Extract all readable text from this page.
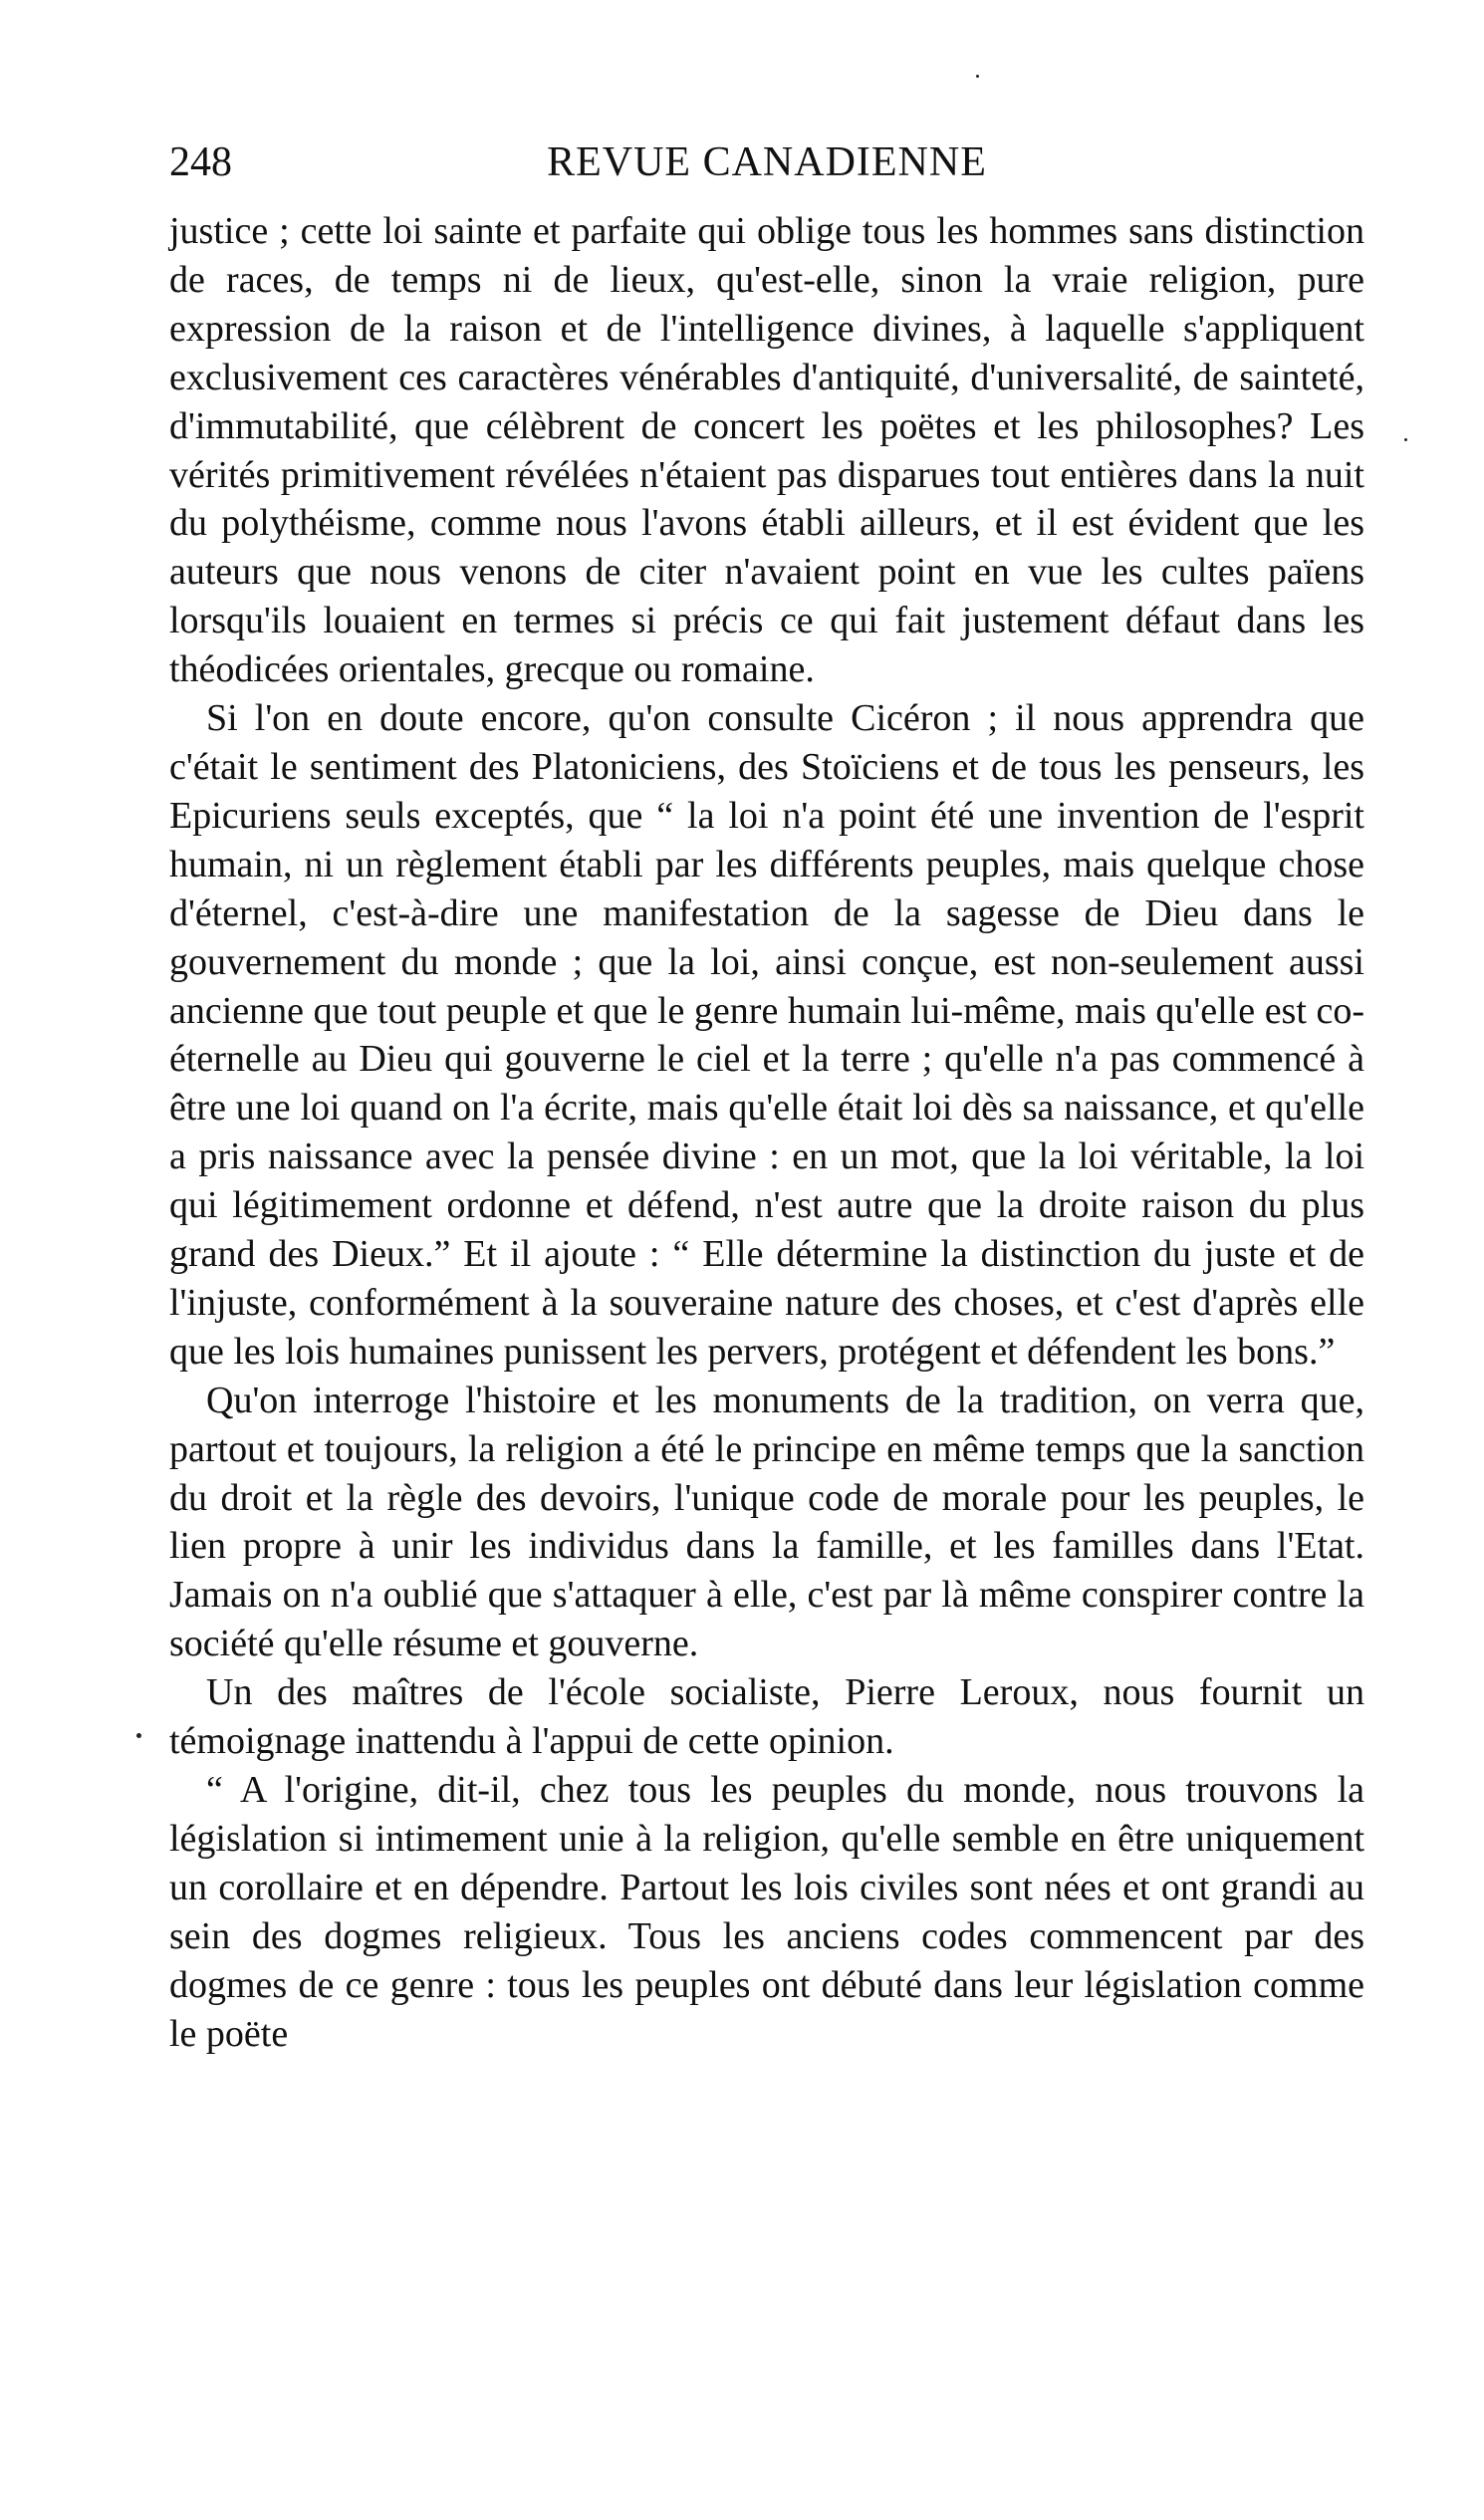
248	REVUE CANADIENNE

justice ; cette loi sainte et parfaite qui oblige tous les hommes sans distinction de races, de temps ni de lieux, qu'est-elle, sinon la vraie religion, pure expression de la raison et de l'intelligence divines, à laquelle s'appliquent exclusivement ces caractères vénérables d'antiquité, d'universalité, de sainteté, d'immutabilité, que célèbrent de concert les poëtes et les philosophes? Les vérités primitivement révélées n'étaient pas disparues tout entières dans la nuit du polythéisme, comme nous l'avons établi ailleurs, et il est évident que les auteurs que nous venons de citer n'avaient point en vue les cultes païens lorsqu'ils louaient en termes si précis ce qui fait justement défaut dans les théodicées orientales, grecque ou romaine.

Si l'on en doute encore, qu'on consulte Cicéron ; il nous apprendra que c'était le sentiment des Platoniciens, des Stoïciens et de tous les penseurs, les Epicuriens seuls exceptés, que “ la loi n'a point été une invention de l'esprit humain, ni un règlement établi par les différents peuples, mais quelque chose d'éternel, c'est-à-dire une manifestation de la sagesse de Dieu dans le gouvernement du monde ; que la loi, ainsi conçue, est non-seulement aussi ancienne que tout peuple et que le genre humain lui-même, mais qu'elle est co-éternelle au Dieu qui gouverne le ciel et la terre ; qu'elle n'a pas commencé à être une loi quand on l'a écrite, mais qu'elle était loi dès sa naissance, et qu'elle a pris naissance avec la pensée divine : en un mot, que la loi véritable, la loi qui légitimement ordonne et défend, n'est autre que la droite raison du plus grand des Dieux.” Et il ajoute : “ Elle détermine la distinction du juste et de l'injuste, conformément à la souveraine nature des choses, et c'est d'après elle que les lois humaines punissent les pervers, protégent et défendent les bons.”

Qu'on interroge l'histoire et les monuments de la tradition, on verra que, partout et toujours, la religion a été le principe en même temps que la sanction du droit et la règle des devoirs, l'unique code de morale pour les peuples, le lien propre à unir les individus dans la famille, et les familles dans l'Etat. Jamais on n'a oublié que s'attaquer à elle, c'est par là même conspirer contre la société qu'elle résume et gouverne.

Un des maîtres de l'école socialiste, Pierre Leroux, nous fournit un témoignage inattendu à l'appui de cette opinion.

“ A l'origine, dit-il, chez tous les peuples du monde, nous trouvons la législation si intimement unie à la religion, qu'elle semble en être uniquement un corollaire et en dépendre. Partout les lois civiles sont nées et ont grandi au sein des dogmes religieux. Tous les anciens codes commencent par des dogmes de ce genre : tous les peuples ont débuté dans leur législation comme le poëte
